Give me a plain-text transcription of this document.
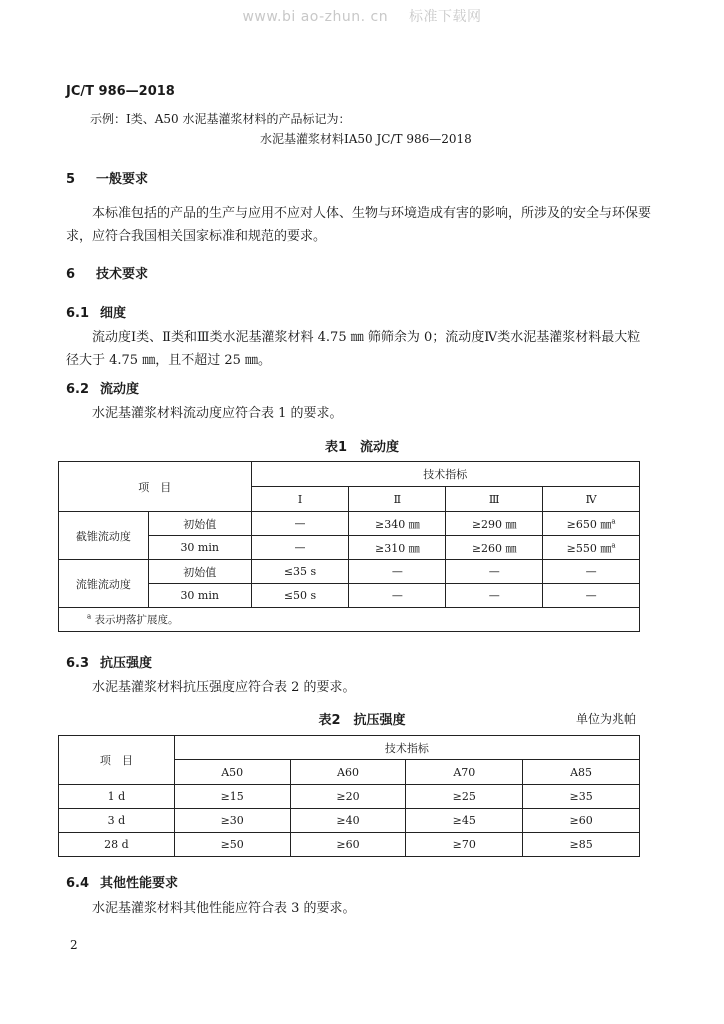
www.bi ao-zhun. cn 标准下载网
JC/T 986—2018
示例：Ⅰ类、A50 水泥基灌浆材料的产品标记为：
水泥基灌浆材料ⅠA50 JC/T 986—2018
5 一般要求
本标准包括的产品的生产与应用不应对人体、生物与环境造成有害的影响，所涉及的安全与环保要
求，应符合我国相关国家标准和规范的要求。
6 技术要求
6.1 细度
流动度Ⅰ类、Ⅱ类和Ⅲ类水泥基灌浆材料 4.75 ㎜ 筛筛余为 0；流动度Ⅳ类水泥基灌浆材料最大粒
径大于 4.75 ㎜，且不超过 25 ㎜。
6.2 流动度
水泥基灌浆材料流动度应符合表 1 的要求。
表1　流动度
项　目		技术指标			
		Ⅰ	Ⅱ	Ⅲ	Ⅳ
截锥流动度	初始值	—	≥340 ㎜	≥290 ㎜	≥650 ㎜$^a$
	30 min	—	≥310 ㎜	≥260 ㎜	≥550 ㎜$^a$
流锥流动度	初始值	≤35 s	—	—	—
	30 min	≤50 s	—	—	—
$^a$ 表示坍落扩展度。					
6.3 抗压强度
水泥基灌浆材料抗压强度应符合表 2 的要求。
表2　抗压强度	单位为兆帕
项　目	技术指标			
	A50	A60	A70	A85
1 d	≥15	≥20	≥25	≥35
3 d	≥30	≥40	≥45	≥60
28 d	≥50	≥60	≥70	≥85
6.4 其他性能要求
水泥基灌浆材料其他性能应符合表 3 的要求。
2
